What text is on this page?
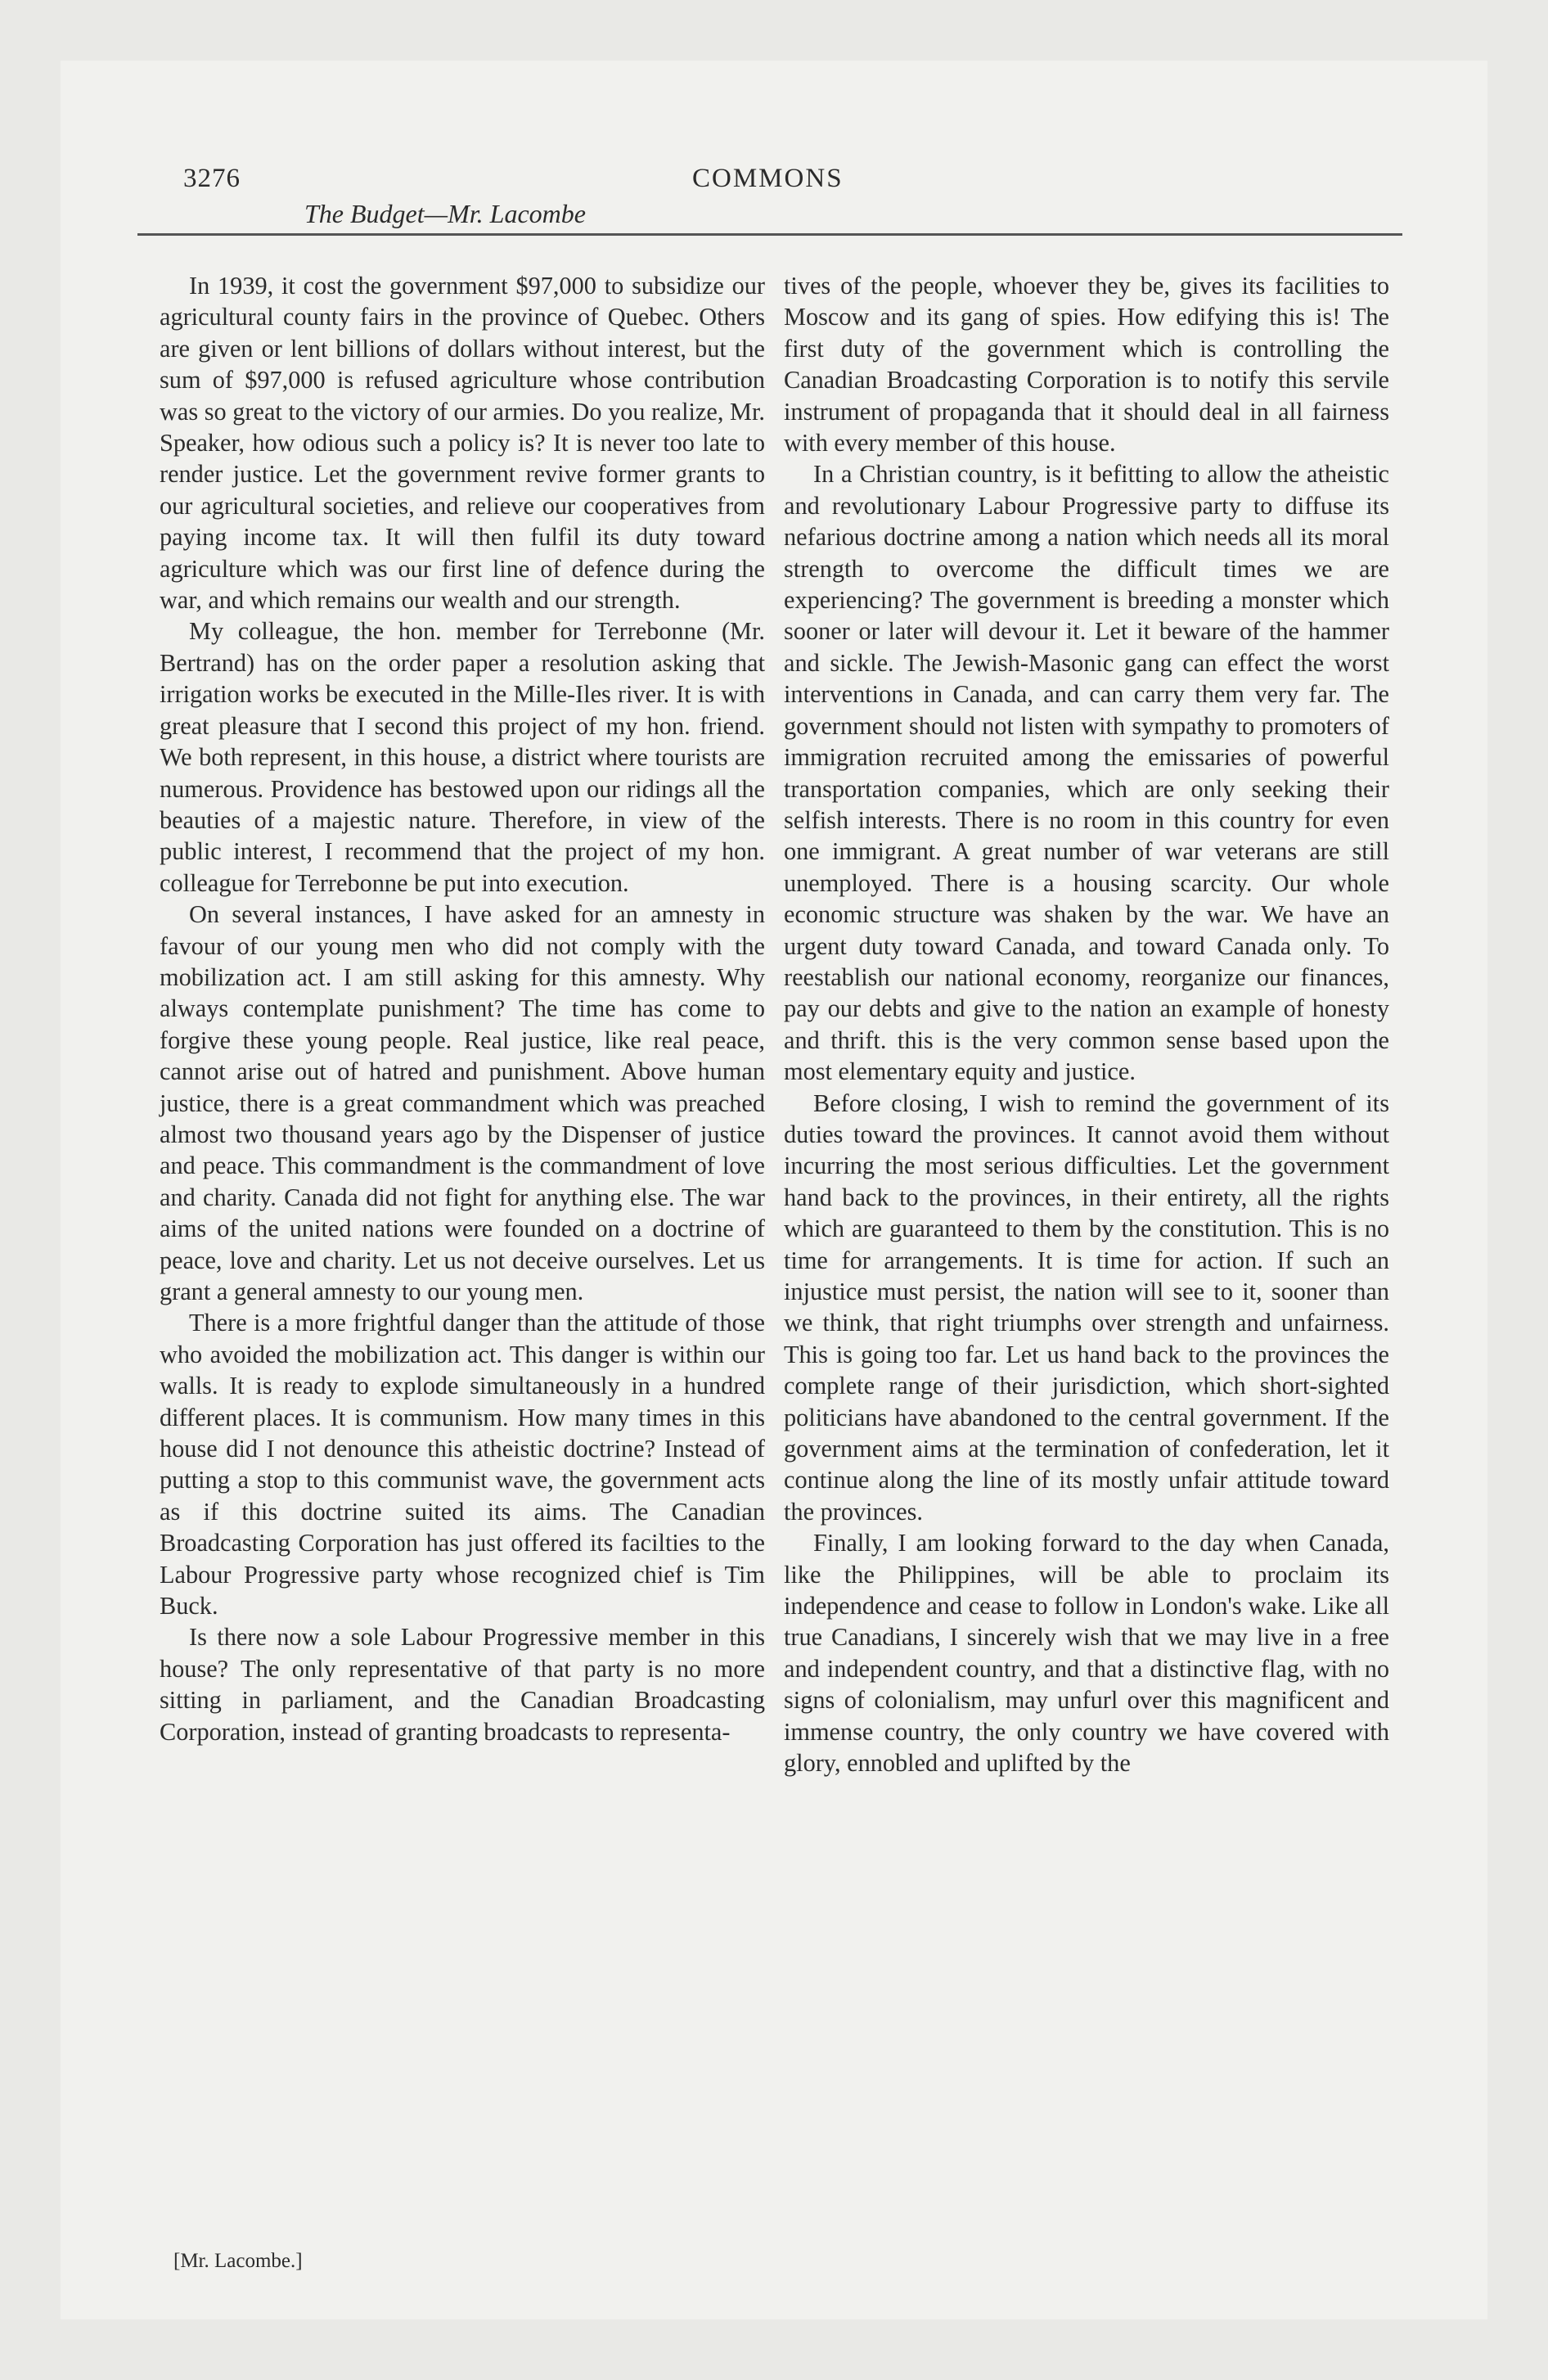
3276	COMMONS
The Budget—Mr. Lacombe

In 1939, it cost the government $97,000 to subsidize our agricultural county fairs in the province of Quebec. Others are given or lent billions of dollars without interest, but the sum of $97,000 is refused agriculture whose contribution was so great to the victory of our armies. Do you realize, Mr. Speaker, how odious such a policy is? It is never too late to render justice. Let the government revive former grants to our agricultural societies, and relieve our cooperatives from paying income tax. It will then fulfil its duty toward agriculture which was our first line of defence during the war, and which remains our wealth and our strength.

My colleague, the hon. member for Terrebonne (Mr. Bertrand) has on the order paper a resolution asking that irrigation works be executed in the Mille-Iles river. It is with great pleasure that I second this project of my hon. friend. We both represent, in this house, a district where tourists are numerous. Providence has bestowed upon our ridings all the beauties of a majestic nature. Therefore, in view of the public interest, I recommend that the project of my hon. colleague for Terrebonne be put into execution.

On several instances, I have asked for an amnesty in favour of our young men who did not comply with the mobilization act. I am still asking for this amnesty. Why always contemplate punishment? The time has come to forgive these young people. Real justice, like real peace, cannot arise out of hatred and punishment. Above human justice, there is a great commandment which was preached almost two thousand years ago by the Dispenser of justice and peace. This commandment is the commandment of love and charity. Canada did not fight for anything else. The war aims of the united nations were founded on a doctrine of peace, love and charity. Let us not deceive ourselves. Let us grant a general amnesty to our young men.

There is a more frightful danger than the attitude of those who avoided the mobilization act. This danger is within our walls. It is ready to explode simultaneously in a hundred different places. It is communism. How many times in this house did I not denounce this atheistic doctrine? Instead of putting a stop to this communist wave, the government acts as if this doctrine suited its aims. The Canadian Broadcasting Corporation has just offered its facilties to the Labour Progressive party whose recognized chief is Tim Buck.

Is there now a sole Labour Progressive member in this house? The only representative of that party is no more sitting in parliament, and the Canadian Broadcasting Corporation, instead of granting broadcasts to representa-

tives of the people, whoever they be, gives its facilities to Moscow and its gang of spies. How edifying this is! The first duty of the government which is controlling the Canadian Broadcasting Corporation is to notify this servile instrument of propaganda that it should deal in all fairness with every member of this house.

In a Christian country, is it befitting to allow the atheistic and revolutionary Labour Progressive party to diffuse its nefarious doctrine among a nation which needs all its moral strength to overcome the difficult times we are experiencing? The government is breeding a monster which sooner or later will devour it. Let it beware of the hammer and sickle. The Jewish-Masonic gang can effect the worst interventions in Canada, and can carry them very far. The government should not listen with sympathy to promoters of immigration recruited among the emissaries of powerful transportation companies, which are only seeking their selfish interests. There is no room in this country for even one immigrant. A great number of war veterans are still unemployed. There is a housing scarcity. Our whole economic structure was shaken by the war. We have an urgent duty toward Canada, and toward Canada only. To reestablish our national economy, reorganize our finances, pay our debts and give to the nation an example of honesty and thrift. this is the very common sense based upon the most elementary equity and justice.

Before closing, I wish to remind the government of its duties toward the provinces. It cannot avoid them without incurring the most serious difficulties. Let the government hand back to the provinces, in their entirety, all the rights which are guaranteed to them by the constitution. This is no time for arrangements. It is time for action. If such an injustice must persist, the nation will see to it, sooner than we think, that right triumphs over strength and unfairness. This is going too far. Let us hand back to the provinces the complete range of their jurisdiction, which short-sighted politicians have abandoned to the central government. If the government aims at the termination of confederation, let it continue along the line of its mostly unfair attitude toward the provinces.

Finally, I am looking forward to the day when Canada, like the Philippines, will be able to proclaim its independence and cease to follow in London's wake. Like all true Canadians, I sincerely wish that we may live in a free and independent country, and that a distinctive flag, with no signs of colonialism, may unfurl over this magnificent and immense country, the only country we have covered with glory, ennobled and uplifted by the

[Mr. Lacombe.]
